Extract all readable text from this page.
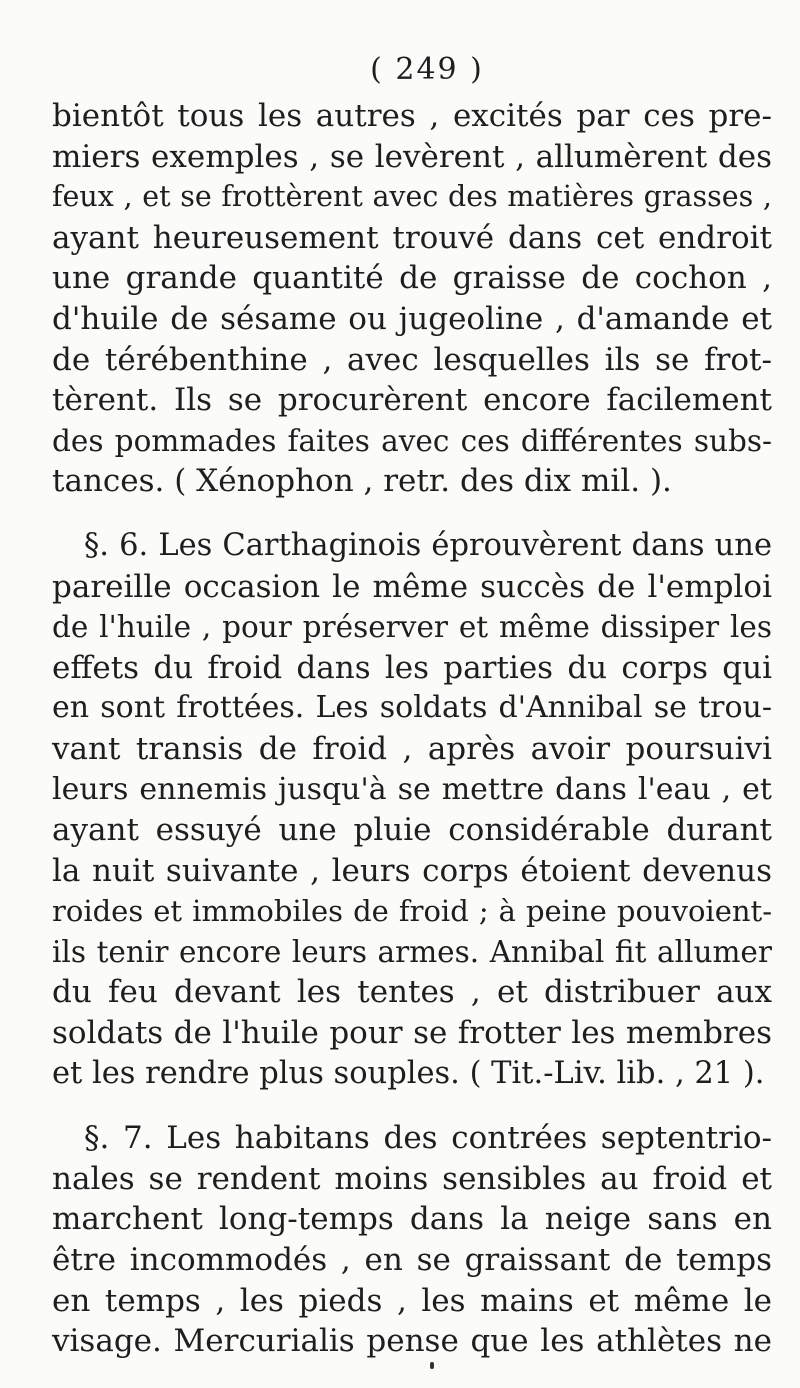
( 249 )
bientôt tous les autres , excités par ces pre-
miers exemples , se levèrent , allumèrent des
feux , et se frottèrent avec des matières grasses ,
ayant heureusement trouvé dans cet endroit
une grande quantité de graisse de cochon ,
d'huile de sésame ou jugeoline , d'amande et
de térébenthine , avec lesquelles ils se frot-
tèrent. Ils se procurèrent encore facilement
des pommades faites avec ces différentes subs-
tances. ( Xénophon , retr. des dix mil. ).
§. 6. Les Carthaginois éprouvèrent dans une
pareille occasion le même succès de l'emploi
de l'huile , pour préserver et même dissiper les
effets du froid dans les parties du corps qui
en sont frottées. Les soldats d'Annibal se trou-
vant transis de froid , après avoir poursuivi
leurs ennemis jusqu'à se mettre dans l'eau , et
ayant essuyé une pluie considérable durant
la nuit suivante , leurs corps étoient devenus
roides et immobiles de froid ; à peine pouvoient-
ils tenir encore leurs armes. Annibal fit allumer
du feu devant les tentes , et distribuer aux
soldats de l'huile pour se frotter les membres
et les rendre plus souples. ( Tit.-Liv. lib. , 21 ).
§. 7. Les habitans des contrées septentrio-
nales se rendent moins sensibles au froid et
marchent long-temps dans la neige sans en
être incommodés , en se graissant de temps
en temps , les pieds , les mains et même le
visage. Mercurialis pense que les athlètes ne
